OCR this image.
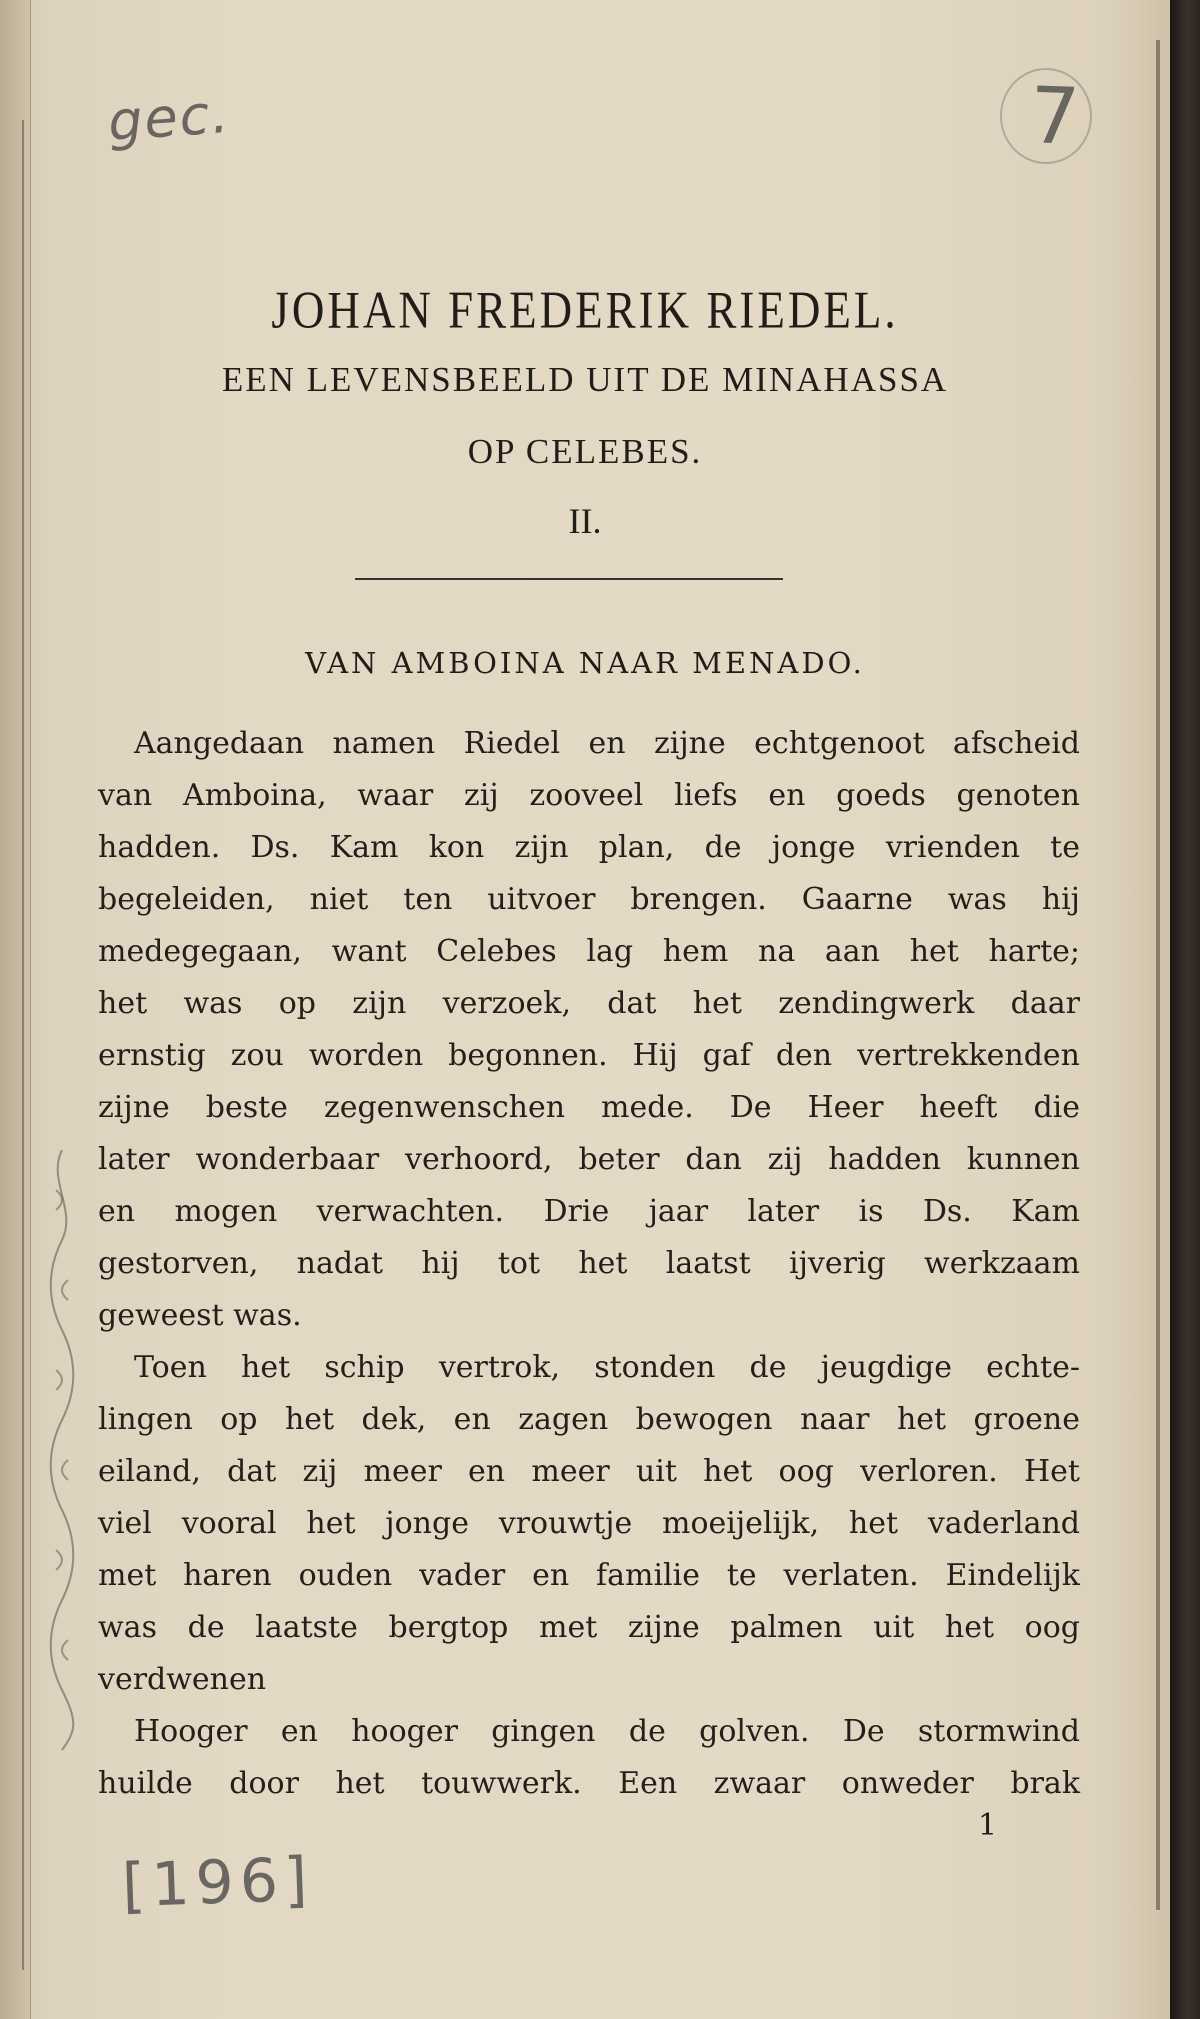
gec.	7
JOHAN FREDERIK RIEDEL.
EEN LEVENSBEELD UIT DE MINAHASSA
OP CELEBES.
II.
VAN AMBOINA NAAR MENADO.
Aangedaan namen Riedel en zijne echtgenoot afscheid
van Amboina, waar zij zooveel liefs en goeds genoten
hadden. Ds. Kam kon zijn plan, de jonge vrienden te
begeleiden, niet ten uitvoer brengen. Gaarne was hij
medegegaan, want Celebes lag hem na aan het harte;
het was op zijn verzoek, dat het zendingwerk daar
ernstig zou worden begonnen. Hij gaf den vertrekkenden
zijne beste zegenwenschen mede. De Heer heeft die
later wonderbaar verhoord, beter dan zij hadden kunnen
en mogen verwachten. Drie jaar later is Ds. Kam
gestorven, nadat hij tot het laatst ijverig werkzaam
geweest was.
Toen het schip vertrok, stonden de jeugdige echte-
lingen op het dek, en zagen bewogen naar het groene
eiland, dat zij meer en meer uit het oog verloren. Het
viel vooral het jonge vrouwtje moeijelijk, het vaderland
met haren ouden vader en familie te verlaten. Eindelijk
was de laatste bergtop met zijne palmen uit het oog
verdwenen
Hooger en hooger gingen de golven. De stormwind
huilde door het touwwerk. Een zwaar onweder brak
1
[196]
